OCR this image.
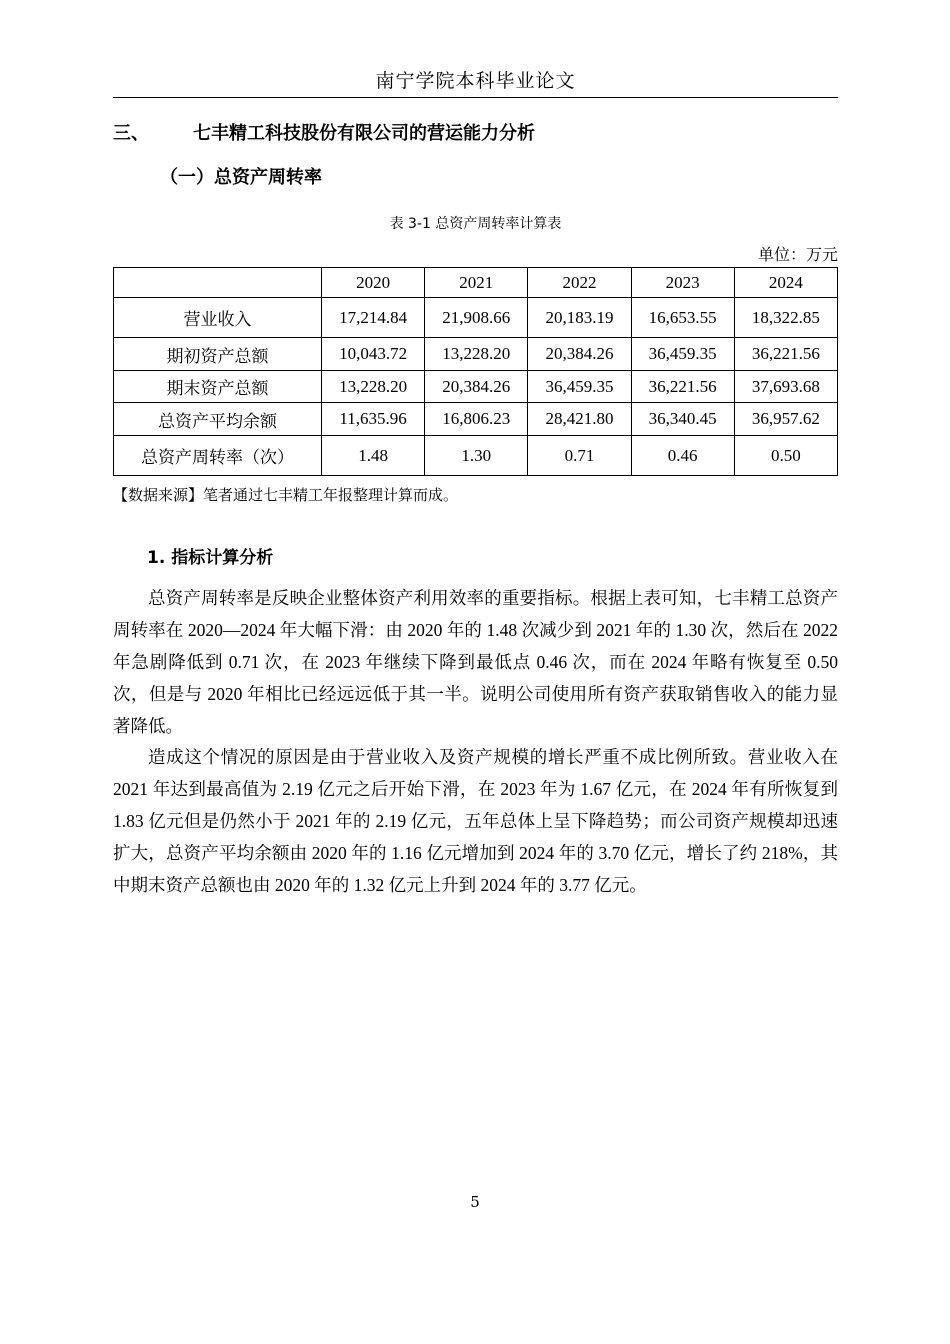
南宁学院本科毕业论文
三、 七丰精工科技股份有限公司的营运能力分析
（一）总资产周转率
表 3-1 总资产周转率计算表
单位：万元
	2020	2021	2022	2023	2024
营业收入	17,214.84	21,908.66	20,183.19	16,653.55	18,322.85
期初资产总额	10,043.72	13,228.20	20,384.26	36,459.35	36,221.56
期末资产总额	13,228.20	20,384.26	36,459.35	36,221.56	37,693.68
总资产平均余额	11,635.96	16,806.23	28,421.80	36,340.45	36,957.62
总资产周转率（次）	1.48	1.30	0.71	0.46	0.50
【数据来源】笔者通过七丰精工年报整理计算而成。
1. 指标计算分析

总资产周转率是反映企业整体资产利用效率的重要指标。根据上表可知，七丰精工总资产周转率在 2020—2024 年大幅下滑：由 2020 年的 1.48 次减少到 2021 年的 1.30 次，然后在 2022 年急剧降低到 0.71 次，在 2023 年继续下降到最低点 0.46 次，而在 2024 年略有恢复至 0.50 次，但是与 2020 年相比已经远远低于其一半。说明公司使用所有资产获取销售收入的能力显著降低。

造成这个情况的原因是由于营业收入及资产规模的增长严重不成比例所致。营业收入在 2021 年达到最高值为 2.19 亿元之后开始下滑，在 2023 年为 1.67 亿元，在 2024 年有所恢复到 1.83 亿元但是仍然小于 2021 年的 2.19 亿元，五年总体上呈下降趋势；而公司资产规模却迅速扩大，总资产平均余额由 2020 年的 1.16 亿元增加到 2024 年的 3.70 亿元，增长了约 218%，其中期末资产总额也由 2020 年的 1.32 亿元上升到 2024 年的 3.77 亿元。

5
